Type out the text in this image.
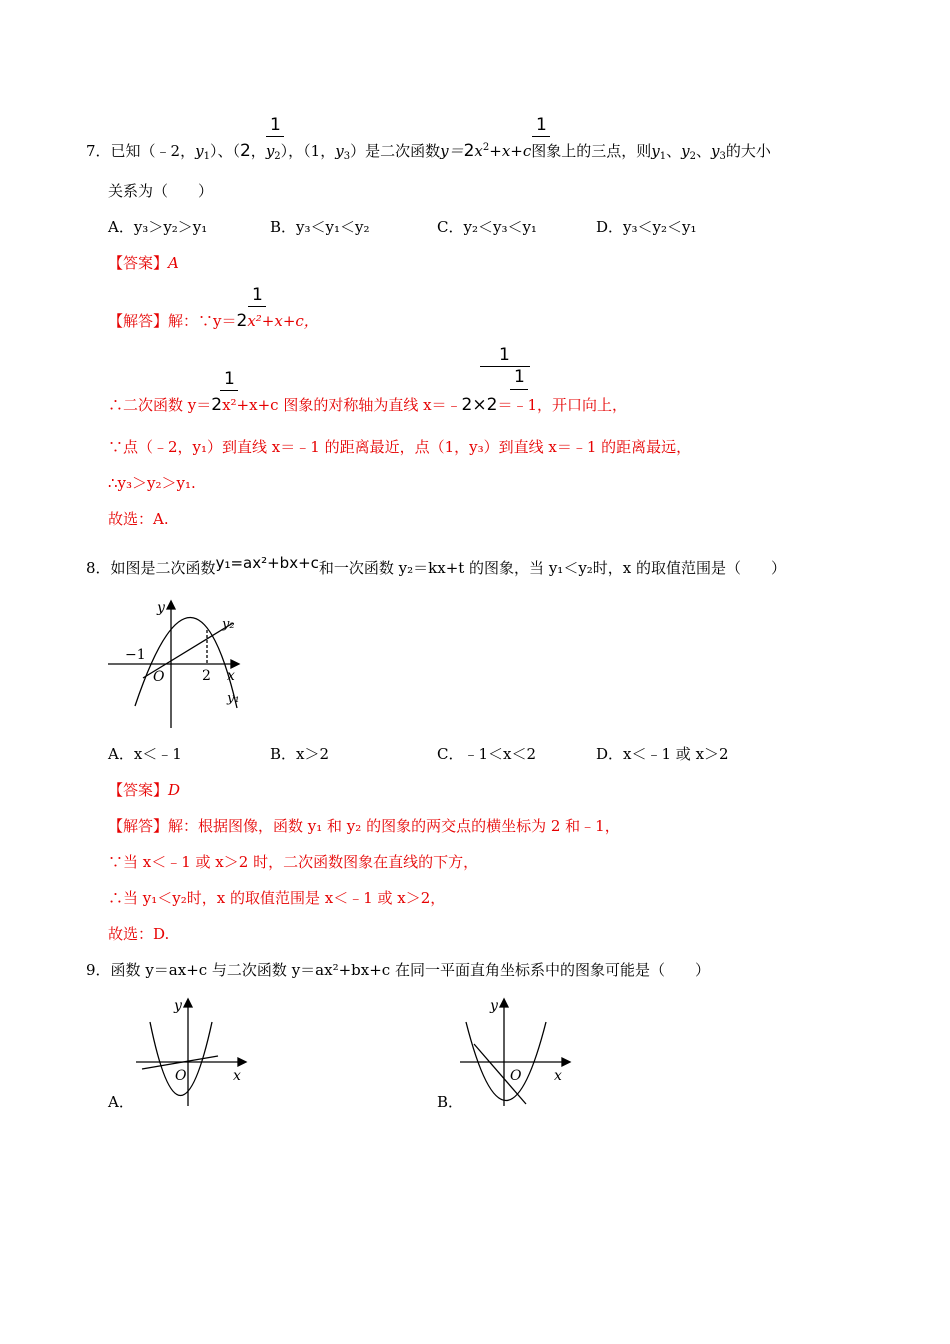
1	1
7．已知（﹣2，$y_1$）、（2，$y_2$），（1，$y_3$）是二次函数$y=2x^2+x+c$图象上的三点，则$y_1$、$y_2$、$y_3$的大小
关系为（　　）
A．y₃＞y₂＞y₁	B．y₃＜y₁＜y₂	C．y₂＜y₃＜y₁	D．y₃＜y₂＜y₁
【答案】A
1
【解答】解：∵y＝2x²+x+c，
1
1
1
∴二次函数 y＝2x²+x+c 图象的对称轴为直线 x＝﹣2×2＝﹣1，开口向上，
∵点（﹣2，y₁）到直线 x＝﹣1 的距离最近，点（1，y₃）到直线 x＝﹣1 的距离最远，
∴y₃＞y₂＞y₁.
故选：A.
8．如图是二次函数y₁=ax²+bx+c和一次函数 y₂＝kx+t 的图象，当 y₁＜y₂时，x 的取值范围是（　　）
y
x
O
−1
2
y₂
y₁
A．x＜﹣1	B．x＞2	C．﹣1＜x＜2	D．x＜﹣1 或 x＞2
【答案】D
【解答】解：根据图像，函数 y₁ 和 y₂ 的图象的两交点的横坐标为 2 和﹣1，
∵当 x＜﹣1 或 x＞2 时，二次函数图象在直线的下方，
∴当 y₁＜y₂时，x 的取值范围是 x＜﹣1 或 x＞2，
故选：D.
9．函数 y＝ax+c 与二次函数 y＝ax²+bx+c 在同一平面直角坐标系中的图象可能是（　　）
A．
y
x
O
B．
y
x
O
